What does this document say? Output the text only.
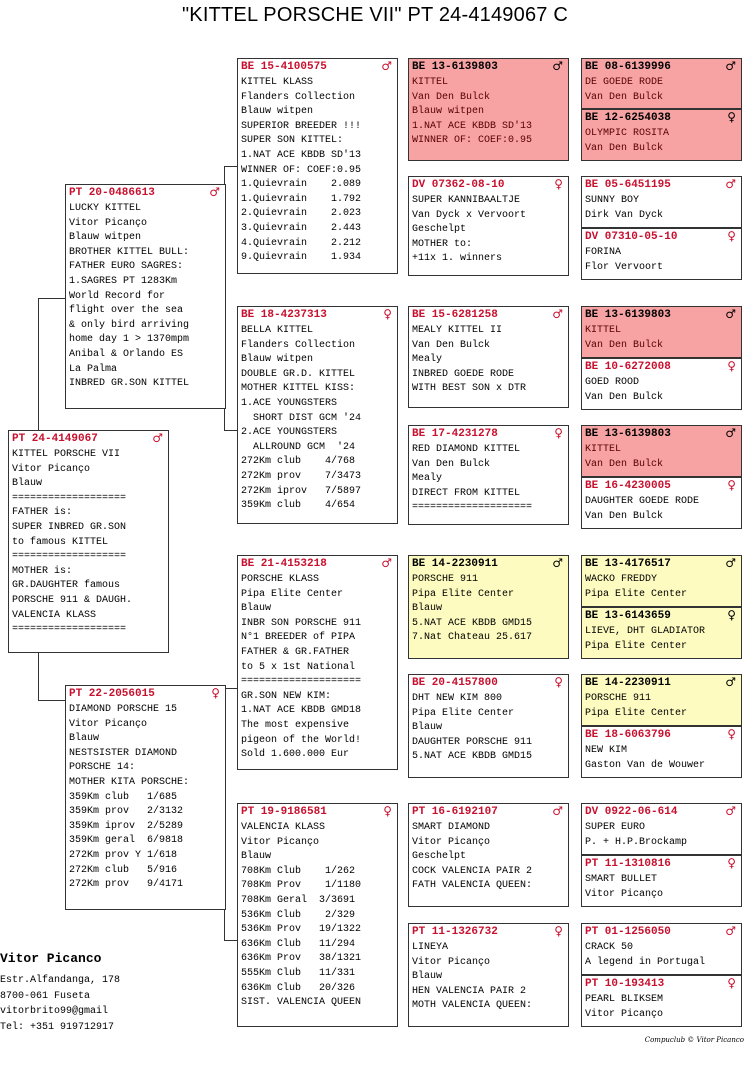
"KITTEL PORSCHE VII" PT 24-4149067 C
PT 24-4149067	♂
KITTEL PORSCHE VII
Vitor Picanço
Blauw
===================
FATHER is:
SUPER INBRED GR.SON
to famous KITTEL
===================
MOTHER is:
GR.DAUGHTER famous
PORSCHE 911 & DAUGH.
VALENCIA KLASS
===================
PT 20-0486613	♂
LUCKY KITTEL
Vitor Picanço
Blauw witpen
BROTHER KITTEL BULL:
FATHER EURO SAGRES:
1.SAGRES PT 1283Km
World Record for
flight over the sea
& only bird arriving
home day 1 > 1370mpm
Anibal & Orlando ES
La Palma
INBRED GR.SON KITTEL
PT 22-2056015	♀
DIAMOND PORSCHE 15
Vitor Picanço
Blauw
NESTSISTER DIAMOND
PORSCHE 14:
MOTHER KITA PORSCHE:
359Km club   1/685
359Km prov   2/3132
359Km iprov  2/5289
359Km geral  6/9818
272Km prov Y 1/618
272Km club   5/916
272Km prov   9/4171
BE 15-4100575	♂
KITTEL KLASS
Flanders Collection
Blauw witpen
SUPERIOR BREEDER !!!
SUPER SON KITTEL:
1.NAT ACE KBDB SD'13
WINNER OF: COEF:0.95
1.Quievrain    2.089
1.Quievrain    1.792
2.Quievrain    2.023
3.Quievrain    2.443
4.Quievrain    2.212
9.Quievrain    1.934
BE 18-4237313	♀
BELLA KITTEL
Flanders Collection
Blauw witpen
DOUBLE GR.D. KITTEL
MOTHER KITTEL KISS:
1.ACE YOUNGSTERS
SHORT DIST GCM '24
2.ACE YOUNGSTERS
ALLROUND GCM  '24
272Km club    4/768
272Km prov    7/3473
272Km iprov   7/5897
359Km club    4/654
BE 21-4153218	♂
PORSCHE KLASS
Pipa Elite Center
Blauw
INBR SON PORSCHE 911
N°1 BREEDER of PIPA
FATHER & GR.FATHER
to 5 x 1st National
====================
GR.SON NEW KIM:
1.NAT ACE KBDB GMD18
The most expensive
pigeon of the World!
Sold 1.600.000 Eur
PT 19-9186581	♀
VALENCIA KLASS
Vitor Picanço
Blauw
708Km Club    1/262
708Km Prov    1/1180
708Km Geral  3/3691
536Km Club    2/329
536Km Prov   19/1322
636Km Club   11/294
636Km Prov   38/1321
555Km Club   11/331
636Km Club   20/326
SIST. VALENCIA QUEEN
BE 13-6139803	♂
KITTEL
Van Den Bulck
Blauw witpen
1.NAT ACE KBDB SD'13
WINNER OF: COEF:0.95
DV 07362-08-10	♀
SUPER KANNIBAALTJE
Van Dyck x Vervoort
Geschelpt
MOTHER to:
+11x 1. winners
BE 15-6281258	♂
MEALY KITTEL II
Van Den Bulck
Mealy
INBRED GOEDE RODE
WITH BEST SON x DTR
BE 17-4231278	♀
RED DIAMOND KITTEL
Van Den Bulck
Mealy
DIRECT FROM KITTEL
====================
BE 14-2230911	♂
PORSCHE 911
Pipa Elite Center
Blauw
5.NAT ACE KBDB GMD15
7.Nat Chateau 25.617
BE 20-4157800	♀
DHT NEW KIM 800
Pipa Elite Center
Blauw
DAUGHTER PORSCHE 911
5.NAT ACE KBDB GMD15
PT 16-6192107	♂
SMART DIAMOND
Vitor Picanço
Geschelpt
COCK VALENCIA PAIR 2
FATH VALENCIA QUEEN:
PT 11-1326732	♀
LINEYA
Vitor Picanço
Blauw
HEN VALENCIA PAIR 2
MOTH VALENCIA QUEEN:
BE 08-6139996	♂
DE GOEDE RODE
Van Den Bulck
BE 12-6254038	♀
OLYMPIC ROSITA
Van Den Bulck
BE 05-6451195	♂
SUNNY BOY
Dirk Van Dyck
DV 07310-05-10	♀
FORINA
Flor Vervoort
BE 13-6139803	♂
KITTEL
Van Den Bulck
BE 10-6272008	♀
GOED ROOD
Van Den Bulck
BE 13-6139803	♂
KITTEL
Van Den Bulck
BE 16-4230005	♀
DAUGHTER GOEDE RODE
Van Den Bulck
BE 13-4176517	♂
WACKO FREDDY
Pipa Elite Center
BE 13-6143659	♀
LIEVE, DHT GLADIATOR
Pipa Elite Center
BE 14-2230911	♂
PORSCHE 911
Pipa Elite Center
BE 18-6063796	♀
NEW KIM
Gaston Van de Wouwer
DV 0922-06-614	♂
SUPER EURO
P. + H.P.Brockamp
PT 11-1310816	♀
SMART BULLET
Vitor Picanço
PT 01-1256050	♂
CRACK 50
A legend in Portugal
PT 10-193413	♀
PEARL BLIKSEM
Vitor Picanço
Vitor Picanco
Estr.Alfandanga, 178
8700-061 Fuseta
vitorbrito99@gmail
Tel: +351 919712917
Compuclub © Vitor Picanco
